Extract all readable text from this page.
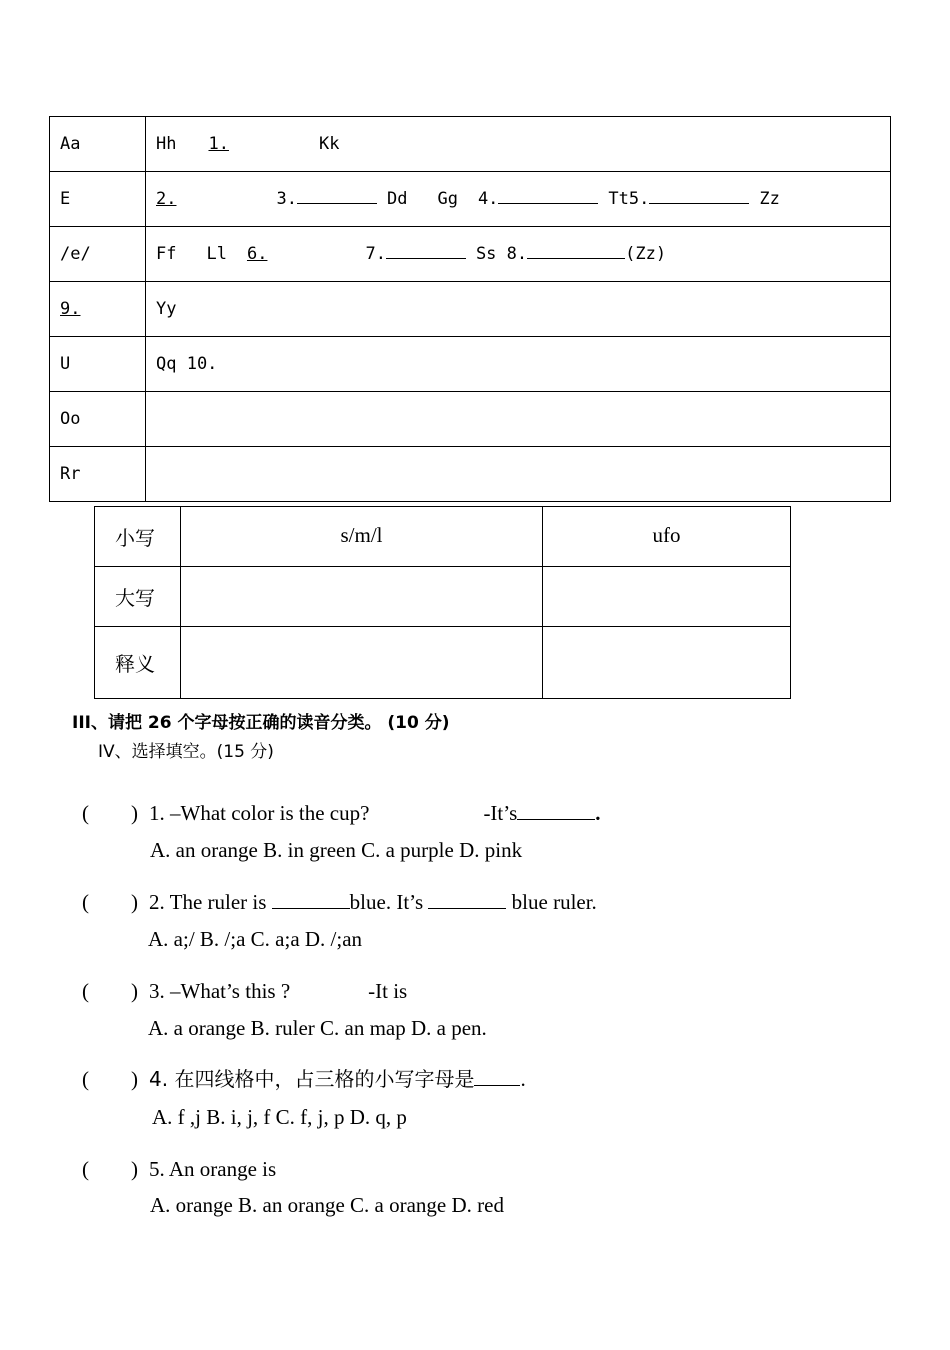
Aa	Hh 1. Kk
E	2. 3. Dd Gg 4. Tt5. Zz
/e/	Ff Ll 6. 7. Ss 8. (Zz)
9.	Yy
U	Qq 10.
Oo	
Rr	
小写	s/m/l	ufo
大写		
释义		
III、请把 26 个字母按正确的读音分类。 (10 分)
IV、选择填空。(15 分)
(　　) 1. –What color is the cup?	-It’s	.
A. an orange B. in green C. a purple D. pink
(　　) 2. The ruler is	blue. It’s	blue ruler.
A. a;/ B. /;a C. a;a D. /;an
(　　) 3. –What’s this ?	-It is
A. a orange B. ruler C. an map D. a pen.
(　　) 4. 在四线格中，占三格的小写字母是 .
A. f ,j B. i, j, f C. f, j, p D. q, p
(　　) 5. An orange is
A. orange B. an orange C. a orange D. red
